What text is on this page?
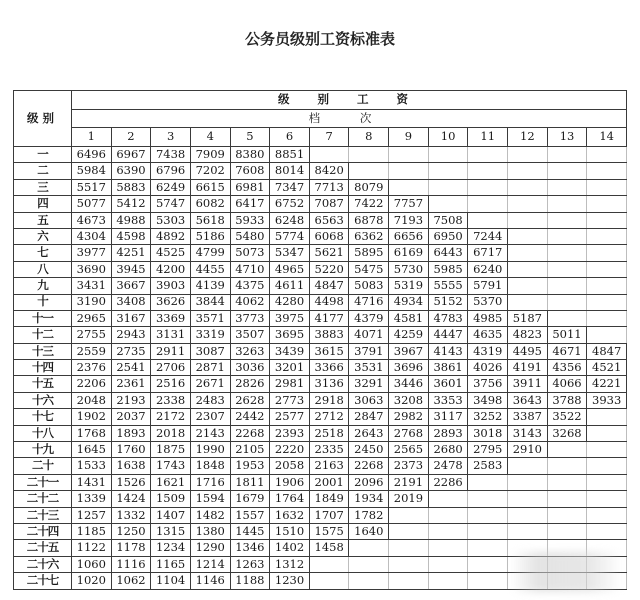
公务员级别工资标准表
级别	级 别 工 资													
	档 次													
	1	2	3	4	5	6	7	8	9	10	11	12	13	14
一	6496	6967	7438	7909	8380	8851								
二	5984	6390	6796	7202	7608	8014	8420							
三	5517	5883	6249	6615	6981	7347	7713	8079						
四	5077	5412	5747	6082	6417	6752	7087	7422	7757					
五	4673	4988	5303	5618	5933	6248	6563	6878	7193	7508				
六	4304	4598	4892	5186	5480	5774	6068	6362	6656	6950	7244			
七	3977	4251	4525	4799	5073	5347	5621	5895	6169	6443	6717			
八	3690	3945	4200	4455	4710	4965	5220	5475	5730	5985	6240			
九	3431	3667	3903	4139	4375	4611	4847	5083	5319	5555	5791			
十	3190	3408	3626	3844	4062	4280	4498	4716	4934	5152	5370			
十一	2965	3167	3369	3571	3773	3975	4177	4379	4581	4783	4985	5187		
十二	2755	2943	3131	3319	3507	3695	3883	4071	4259	4447	4635	4823	5011	
十三	2559	2735	2911	3087	3263	3439	3615	3791	3967	4143	4319	4495	4671	4847
十四	2376	2541	2706	2871	3036	3201	3366	3531	3696	3861	4026	4191	4356	4521
十五	2206	2361	2516	2671	2826	2981	3136	3291	3446	3601	3756	3911	4066	4221
十六	2048	2193	2338	2483	2628	2773	2918	3063	3208	3353	3498	3643	3788	3933
十七	1902	2037	2172	2307	2442	2577	2712	2847	2982	3117	3252	3387	3522	
十八	1768	1893	2018	2143	2268	2393	2518	2643	2768	2893	3018	3143	3268	
十九	1645	1760	1875	1990	2105	2220	2335	2450	2565	2680	2795	2910		
二十	1533	1638	1743	1848	1953	2058	2163	2268	2373	2478	2583			
二十一	1431	1526	1621	1716	1811	1906	2001	2096	2191	2286				
二十二	1339	1424	1509	1594	1679	1764	1849	1934	2019					
二十三	1257	1332	1407	1482	1557	1632	1707	1782						
二十四	1185	1250	1315	1380	1445	1510	1575	1640						
二十五	1122	1178	1234	1290	1346	1402	1458							
二十六	1060	1116	1165	1214	1263	1312								
二十七	1020	1062	1104	1146	1188	1230								
